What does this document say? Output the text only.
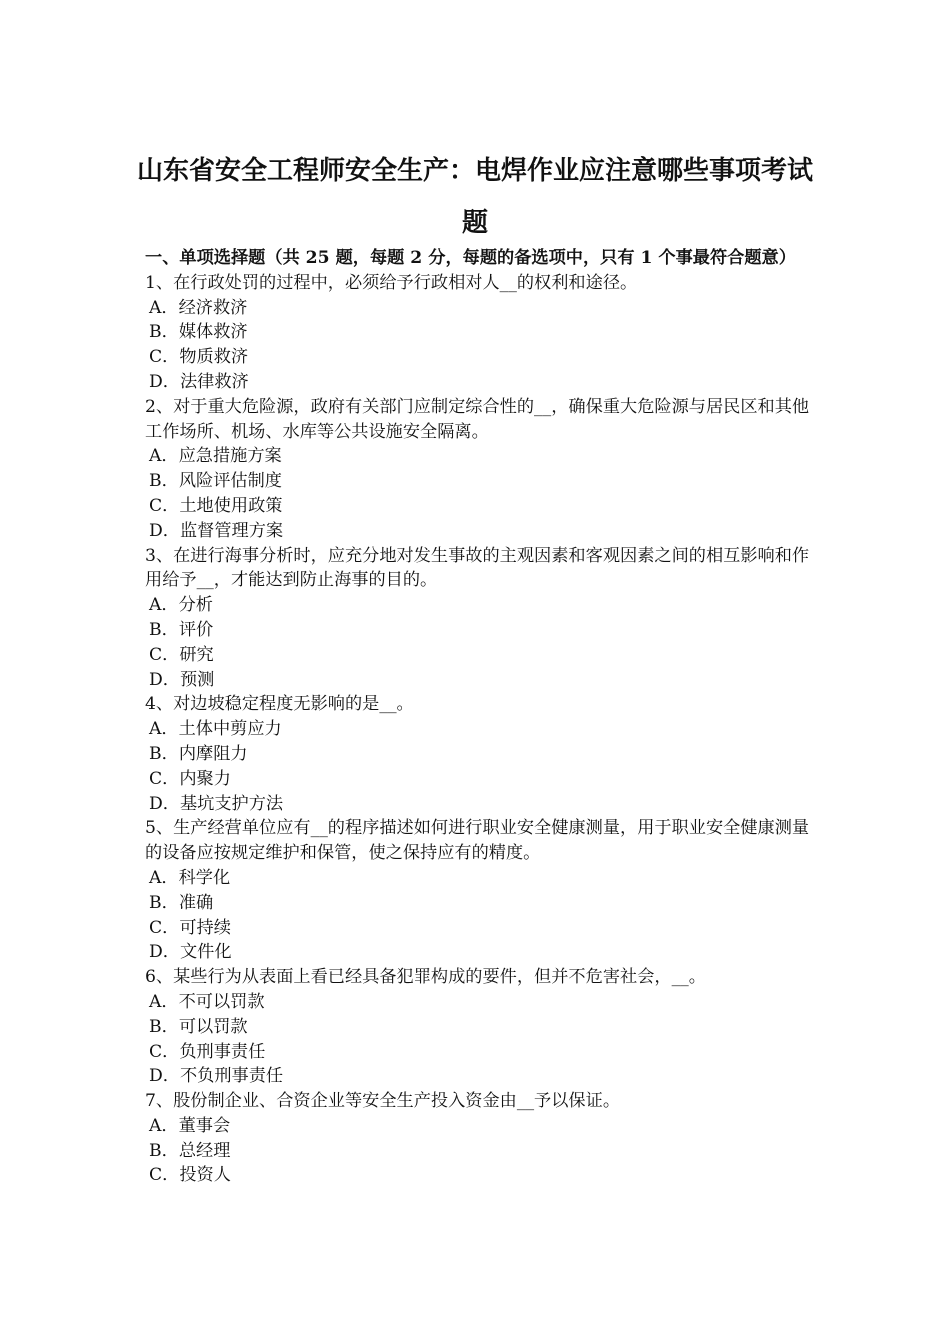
山东省安全工程师安全生产：电焊作业应注意哪些事项考试题
一、单项选择题（共 25 题，每题 2 分，每题的备选项中，只有 1 个事最符合题意）
1、在行政处罚的过程中，必须给予行政相对人__的权利和途径。
A．经济救济
B．媒体救济
C．物质救济
D．法律救济
2、对于重大危险源，政府有关部门应制定综合性的__，确保重大危险源与居民区和其他工作场所、机场、水库等公共设施安全隔离。
A．应急措施方案
B．风险评估制度
C．土地使用政策
D．监督管理方案
3、在进行海事分析时，应充分地对发生事故的主观因素和客观因素之间的相互影响和作用给予__，才能达到防止海事的目的。
A．分析
B．评价
C．研究
D．预测
4、对边坡稳定程度无影响的是__。
A．土体中剪应力
B．内摩阻力
C．内聚力
D．基坑支护方法
5、生产经营单位应有__的程序描述如何进行职业安全健康测量，用于职业安全健康测量的设备应按规定维护和保管，使之保持应有的精度。
A．科学化
B．准确
C．可持续
D．文件化
6、某些行为从表面上看已经具备犯罪构成的要件，但并不危害社会，__。
A．不可以罚款
B．可以罚款
C．负刑事责任
D．不负刑事责任
7、股份制企业、合资企业等安全生产投入资金由__予以保证。
A．董事会
B．总经理
C．投资人
